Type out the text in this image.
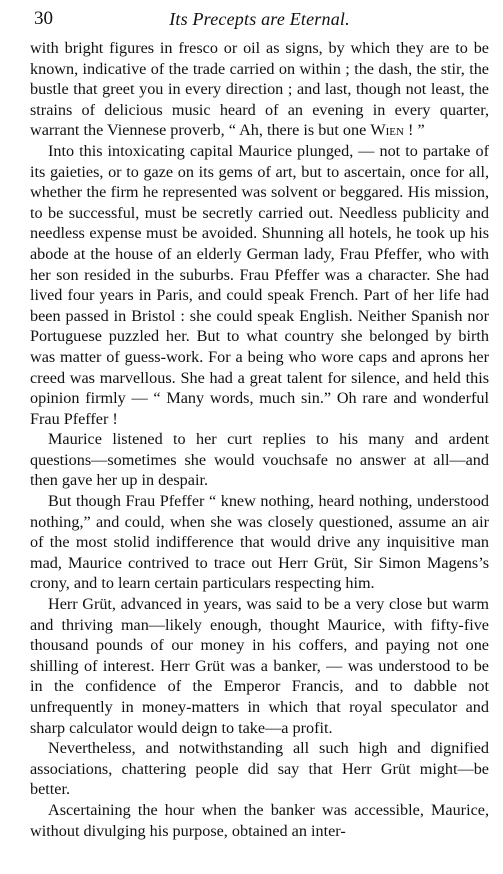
30	Its Precepts are Eternal.

with bright figures in fresco or oil as signs, by which they are to be known, indicative of the trade carried on within ; the dash, the stir, the bustle that greet you in every direction ; and last, though not least, the strains of delicious music heard of an evening in every quarter, warrant the Viennese proverb, “ Ah, there is but one Wien ! ”

Into this intoxicating capital Maurice plunged, — not to partake of its gaieties, or to gaze on its gems of art, but to ascertain, once for all, whether the firm he represented was solvent or beggared. His mission, to be successful, must be secretly carried out. Needless publicity and needless expense must be avoided. Shunning all hotels, he took up his abode at the house of an elderly German lady, Frau Pfeffer, who with her son resided in the suburbs. Frau Pfeffer was a character. She had lived four years in Paris, and could speak French. Part of her life had been passed in Bristol : she could speak English. Neither Spanish nor Portuguese puzzled her. But to what country she belonged by birth was matter of guess-work. For a being who wore caps and aprons her creed was marvellous. She had a great talent for silence, and held this opinion firmly — “ Many words, much sin.” Oh rare and wonderful Frau Pfeffer !

Maurice listened to her curt replies to his many and ardent questions—sometimes she would vouchsafe no answer at all—and then gave her up in despair.

But though Frau Pfeffer “ knew nothing, heard nothing, understood nothing,” and could, when she was closely questioned, assume an air of the most stolid indifference that would drive any inquisitive man mad, Maurice contrived to trace out Herr Grüt, Sir Simon Magens’s crony, and to learn certain particulars respecting him.

Herr Grüt, advanced in years, was said to be a very close but warm and thriving man—likely enough, thought Maurice, with fifty-five thousand pounds of our money in his coffers, and paying not one shilling of interest. Herr Grüt was a banker, — was understood to be in the confidence of the Emperor Francis, and to dabble not unfrequently in money-matters in which that royal speculator and sharp calculator would deign to take—a profit.

Nevertheless, and notwithstanding all such high and dignified associations, chattering people did say that Herr Grüt might—be better.

Ascertaining the hour when the banker was accessible, Maurice, without divulging his purpose, obtained an inter-
